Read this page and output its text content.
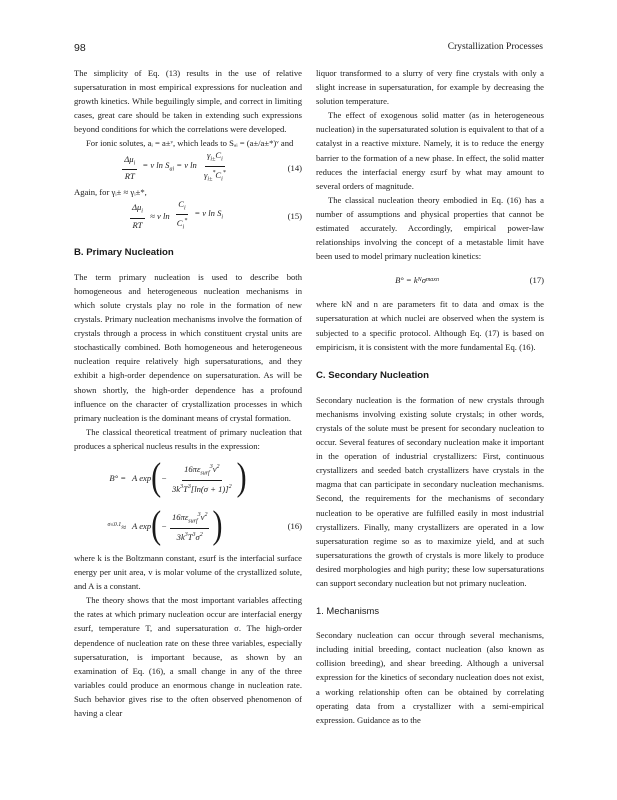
98	Crystallization Processes

The simplicity of Eq. (13) results in the use of relative supersaturation in most empirical expressions for nucleation and growth kinetics. While beguilingly simple, and correct in limiting cases, great care should be taken in extending such expressions beyond conditions for which the correlations were developed.

For ionic solutes, aᵢ = a±ᵛ, which leads to Sₐᵢ = (a±/a±*)ᵛ and

$\frac{\Delta\mu_i}{RT} = \nu$ $\ln S_{ai} = \nu$ $\ln \frac{\gamma_{i\pm}C_i}{\gamma_{i\pm}^*C_i^*}$	(14)

Again, for γᵢ± ≈ γᵢ±*,

$\frac{\Delta\mu_i}{RT} \approx \nu$ $\ln \frac{C_i}{C_i^*} = \nu$ $\ln S_i$	(15)
B. Primary Nucleation

The term primary nucleation is used to describe both homogeneous and heterogeneous nucleation mechanisms in which solute crystals play no role in the formation of new crystals. Primary nucleation mechanisms involve the formation of crystals through a process in which constituent crystal units are stochastically combined. Both homogeneous and heterogeneous nucleation require relatively high supersaturations, and they exhibit a high-order dependence on supersaturation. As will be shown shortly, the high-order dependence has a profound influence on the character of crystallization processes in which primary nucleation is the dominant means of crystal formation.

The classical theoretical treatment of primary nucleation that produces a spherical nucleus results in the expression:

B° = A exp ( − $\frac{16\pi\varepsilon_{surf}^3v^2}{3k^3T^3[\ln(\sigma + 1)]^2}$ )
$^{\sigma\le 0.1}$≈ A exp ( − $\frac{16\pi\varepsilon_{surf}^3v^2}{3k^3T^3\sigma^2}$ )	(16)

where k is the Boltzmann constant, εsurf is the interfacial surface energy per unit area, v is molar volume of the crystallized solute, and A is a constant.

The theory shows that the most important variables affecting the rates at which primary nucleation occur are interfacial energy εsurf, temperature T, and supersaturation σ. The high-order dependence of nucleation rate on these three variables, especially supersaturation, is important because, as shown by an examination of Eq. (16), a small change in any of the three variables could produce an enormous change in nucleation rate. Such behavior gives rise to the often observed phenomenon of having a clear

liquor transformed to a slurry of very fine crystals with only a slight increase in supersaturation, for example by decreasing the solution temperature.

The effect of exogenous solid matter (as in heterogeneous nucleation) in the supersaturated solution is equivalent to that of a catalyst in a reactive mixture. Namely, it is to reduce the energy barrier to the formation of a new phase. In effect, the solid matter reduces the interfacial energy εsurf by what may amount to several orders of magnitude.

The classical nucleation theory embodied in Eq. (16) has a number of assumptions and physical properties that cannot be estimated accurately. Accordingly, empirical power-law relationships involving the concept of a metastable limit have been used to model primary nucleation kinetics:

B° = k N σ max n	(17)

where kN and n are parameters fit to data and σmax is the supersaturation at which nuclei are observed when the system is subjected to a specific protocol. Although Eq. (17) is based on empiricism, it is consistent with the more fundamental Eq. (16).

C. Secondary Nucleation

Secondary nucleation is the formation of new crystals through mechanisms involving existing solute crystals; in other words, crystals of the solute must be present for secondary nucleation to occur. Several features of secondary nucleation make it important in the operation of industrial crystallizers: First, continuous crystallizers and seeded batch crystallizers have crystals in the magma that can participate in secondary nucleation mechanisms. Second, the requirements for the mechanisms of secondary nucleation to be operative are fulfilled easily in most industrial crystallizers. Finally, many crystallizers are operated in a low supersaturation regime so as to maximize yield, and at such supersaturations the growth of crystals is more likely to produce desired morphologies and high purity; these low supersaturations can support secondary nucleation but not primary nucleation.

1. Mechanisms

Secondary nucleation can occur through several mechanisms, including initial breeding, contact nucleation (also known as collision breeding), and shear breeding. Although a universal expression for the kinetics of secondary nucleation does not exist, a working relationship often can be obtained by correlating operating data from a crystallizer with a semi-empirical expression. Guidance as to the
